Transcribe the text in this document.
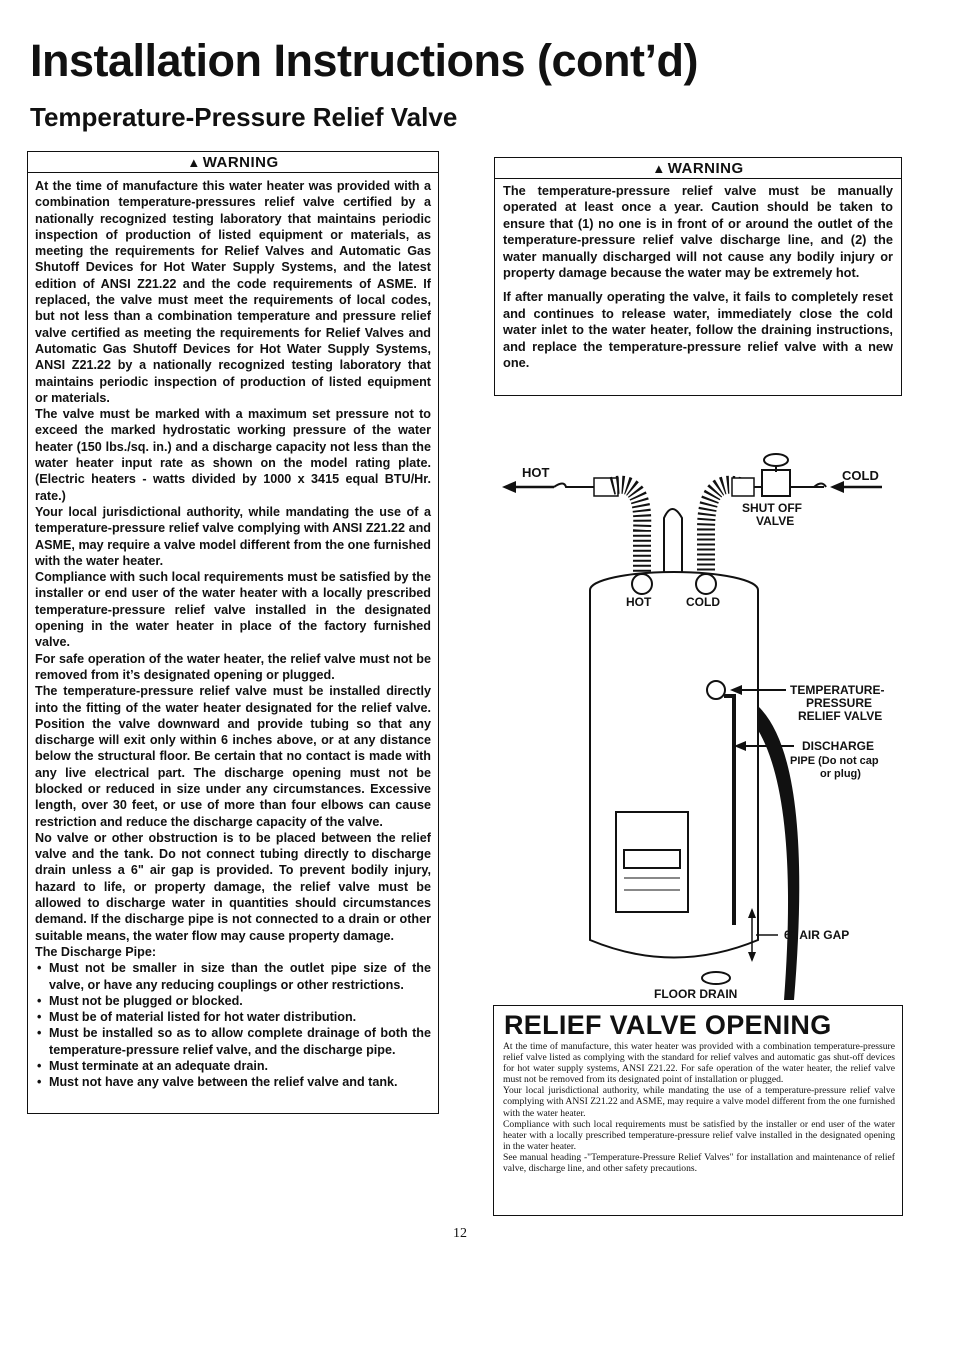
Installation Instructions (cont’d)
Temperature-Pressure Relief Valve
▲ WARNING

At the time of manufacture this water heater was provided with a combination temperature-pressures relief valve certified by a nationally recognized testing laboratory that maintains periodic inspection of production of listed equipment or materials, as meeting the requirements for Relief Valves and Automatic Gas Shutoff Devices for Hot Water Supply Systems, and the latest edition of ANSI Z21.22 and the code requirements of ASME. If replaced, the valve must meet the requirements of local codes, but not less than a combination temperature and pressure relief valve certified as meeting the requirements for Relief Valves and Automatic Gas Shutoff Devices for Hot Water Supply Systems, ANSI Z21.22 by a nationally recognized testing laboratory that maintains periodic inspection of production of listed equipment or materials.

The valve must be marked with a maximum set pressure not to exceed the marked hydrostatic working pressure of the water heater (150 lbs./sq. in.) and a discharge capacity not less than the water heater input rate as shown on the model rating plate. (Electric heaters - watts divided by 1000 x 3415 equal BTU/Hr. rate.)

Your local jurisdictional authority, while mandating the use of a temperature-pressure relief valve complying with ANSI Z21.22 and ASME, may require a valve model different from the one furnished with the water heater.

Compliance with such local requirements must be satisfied by the installer or end user of the water heater with a locally prescribed temperature-pressure relief valve installed in the designated opening in the water heater in place of the factory furnished valve.

For safe operation of the water heater, the relief valve must not be removed from it’s designated opening or plugged.

The temperature-pressure relief valve must be installed directly into the fitting of the water heater designated for the relief valve. Position the valve downward and provide tubing so that any discharge will exit only within 6 inches above, or at any distance below the structural floor. Be certain that no contact is made with any live electrical part. The discharge opening must not be blocked or reduced in size under any circumstances. Excessive length, over 30 feet, or use of more than four elbows can cause restriction and reduce the discharge capacity of the valve.

No valve or other obstruction is to be placed between the relief valve and the tank. Do not connect tubing directly to discharge drain unless a 6" air gap is provided. To prevent bodily injury, hazard to life, or property damage, the relief valve must be allowed to discharge water in quantities should circumstances demand. If the discharge pipe is not connected to a drain or other suitable means, the water flow may cause property damage.

The Discharge Pipe:

• Must not be smaller in size than the outlet pipe size of the valve, or have any reducing couplings or other restrictions.
• Must not be plugged or blocked.
• Must be of material listed for hot water distribution.
• Must be installed so as to allow complete drainage of both the temperature-pressure relief valve, and the discharge pipe.
• Must terminate at an adequate drain.
• Must not have any valve between the relief valve and tank.
▲ WARNING

The temperature-pressure relief valve must be manually operated at least once a year. Caution should be taken to ensure that (1) no one is in front of or around the outlet of the temperature-pressure relief valve discharge line, and (2) the water manually discharged will not cause any bodily injury or property damage because the water may be extremely hot.

If after manually operating the valve, it fails to completely reset and continues to release water, immediately close the cold water inlet to the water heater, follow the draining instructions, and replace the temperature-pressure relief valve with a new one.

HOT	COLD
SHUT OFF
VALVE
HOT	COLD
TEMPERATURE-
PRESSURE
RELIEF VALVE
DISCHARGE
PIPE (Do not cap
or plug)
6" AIR GAP
FLOOR DRAIN
RELIEF VALVE OPENING

At the time of manufacture, this water heater was provided with a combination temperature-pressure relief valve listed as complying with the standard for relief valves and automatic gas shut-off devices for hot water supply systems, ANSI Z21.22. For safe operation of the water heater, the relief valve must not be removed from its designated point of installation or plugged.

Your local jurisdictional authority, while mandating the use of a temperature-pressure relief valve complying with ANSI Z21.22 and ASME, may require a valve model different from the one furnished with the water heater.

Compliance with such local requirements must be satisfied by the installer or end user of the water heater with a locally prescribed temperature-pressure relief valve installed in the designated opening in the water heater.

See manual heading -"Temperature-Pressure Relief Valves" for installation and maintenance of relief valve, discharge line, and other safety precautions.

12
